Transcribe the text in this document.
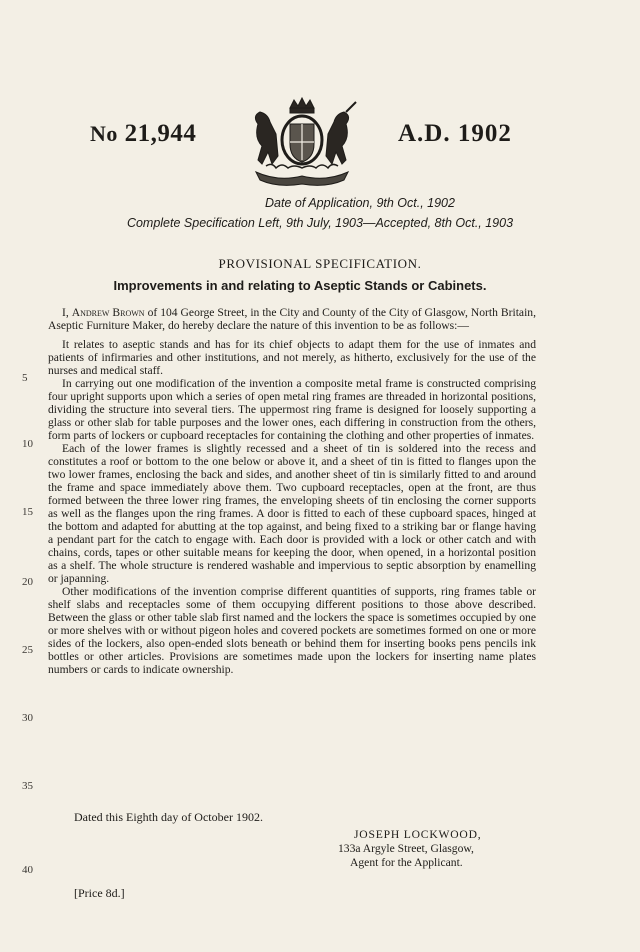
No 21,944	A.D. 1902
Date of Application, 9th Oct., 1902
Complete Specification Left, 9th July, 1903—Accepted, 8th Oct., 1903
PROVISIONAL SPECIFICATION.
Improvements in and relating to Aseptic Stands or Cabinets.

I, Andrew Brown of 104 George Street, in the City and County of the City of Glasgow, North Britain, Aseptic Furniture Maker, do hereby declare the nature of this invention to be as follows:—

It relates to aseptic stands and has for its chief objects to adapt them for the use of inmates and patients of infirmaries and other institutions, and not merely, as hitherto, exclusively for the use of the nurses and medical staff.

In carrying out one modification of the invention a composite metal frame is constructed comprising four upright supports upon which a series of open metal ring frames are threaded in horizontal positions, dividing the structure into several tiers. The uppermost ring frame is designed for loosely supporting a glass or other slab for table purposes and the lower ones, each differing in construction from the others, form parts of lockers or cupboard receptacles for containing the clothing and other properties of inmates.

Each of the lower frames is slightly recessed and a sheet of tin is soldered into the recess and constitutes a roof or bottom to the one below or above it, and a sheet of tin is fitted to flanges upon the two lower frames, enclosing the back and sides, and another sheet of tin is similarly fitted to and around the frame and space immediately above them. Two cupboard receptacles, open at the front, are thus formed between the three lower ring frames, the enveloping sheets of tin enclosing the corner supports as well as the flanges upon the ring frames. A door is fitted to each of these cupboard spaces, hinged at the bottom and adapted for abutting at the top against, and being fixed to a striking bar or flange having a pendant part for the catch to engage with. Each door is provided with a lock or other catch and with chains, cords, tapes or other suitable means for keeping the door, when opened, in a horizontal position as a shelf. The whole structure is rendered washable and impervious to septic absorption by enamelling or japanning.

Other modifications of the invention comprise different quantities of supports, ring frames table or shelf slabs and receptacles some of them occupying different positions to those above described. Between the glass or other table slab first named and the lockers the space is sometimes occupied by one or more shelves with or without pigeon holes and covered pockets are sometimes formed on one or more sides of the lockers, also open-ended slots beneath or behind them for inserting books pens pencils ink bottles or other articles. Provisions are sometimes made upon the lockers for inserting name plates numbers or cards to indicate ownership.

Dated this Eighth day of October 1902.
JOSEPH LOCKWOOD,
133a Argyle Street, Glasgow,
Agent for the Applicant.
[Price 8d.]
5
10
15
20
25
30
35
40
